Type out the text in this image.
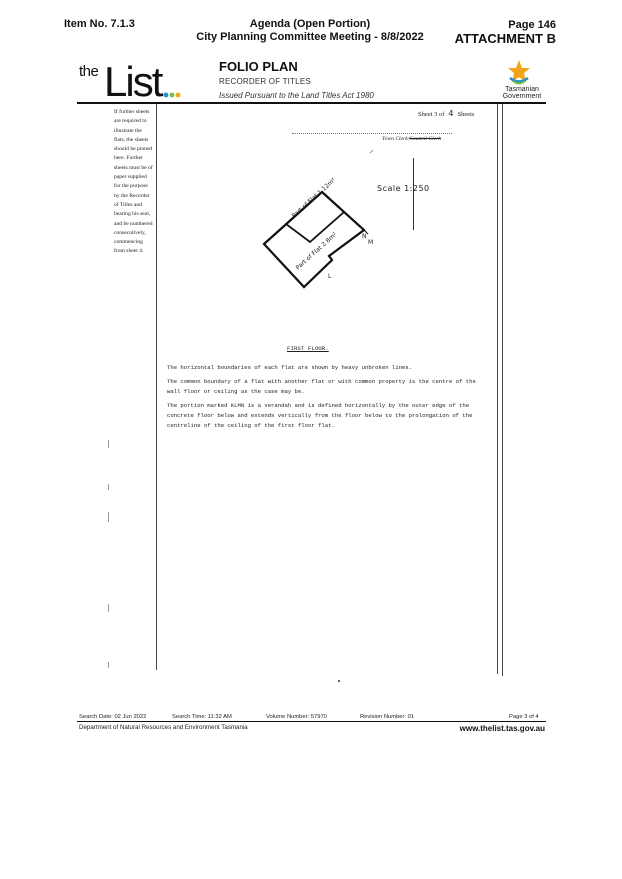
Item No. 7.1.3	Agenda (Open Portion)
City Planning Committee Meeting - 8/8/2022
Page 146
ATTACHMENT B
the List	FOLIO PLAN
RECORDER OF TITLES
Issued Pursuant to the Land Titles Act 1980
Tasmanian
Government
If further sheets are required to illustrate the flats, the sheets should be pinned here. Further sheets must be of paper supplied for the purpose by the Recorder of Titles and bearing his seal, and be numbered consecutively, commencing from sheet 4.
Sheet 3 of 4 Sheets
Town Clerk/Council Clerk
Part of Flat 1 12m²
Part of Flat 2 8m²	N
M
L
Scale 1:250
FIRST FLOOR.
The horizontal boundaries of each flat are shown by heavy unbroken lines.
The common boundary of a flat with another flat or with common property is the centre of the wall floor or ceiling as the case may be.
The portion marked KLMN is a verandah and is defined horizontally by the outer edge of the concrete floor below and extends vertically from the floor below to the prolongation of the centreline of the ceiling of the first floor flat.
Search Date: 02 Jun 2022	Search Time: 11:32 AM	Volume Number: 57970	Revision Number: 01	Page 3 of 4
Department of Natural Resources and Environment Tasmania	www.thelist.tas.gov.au
